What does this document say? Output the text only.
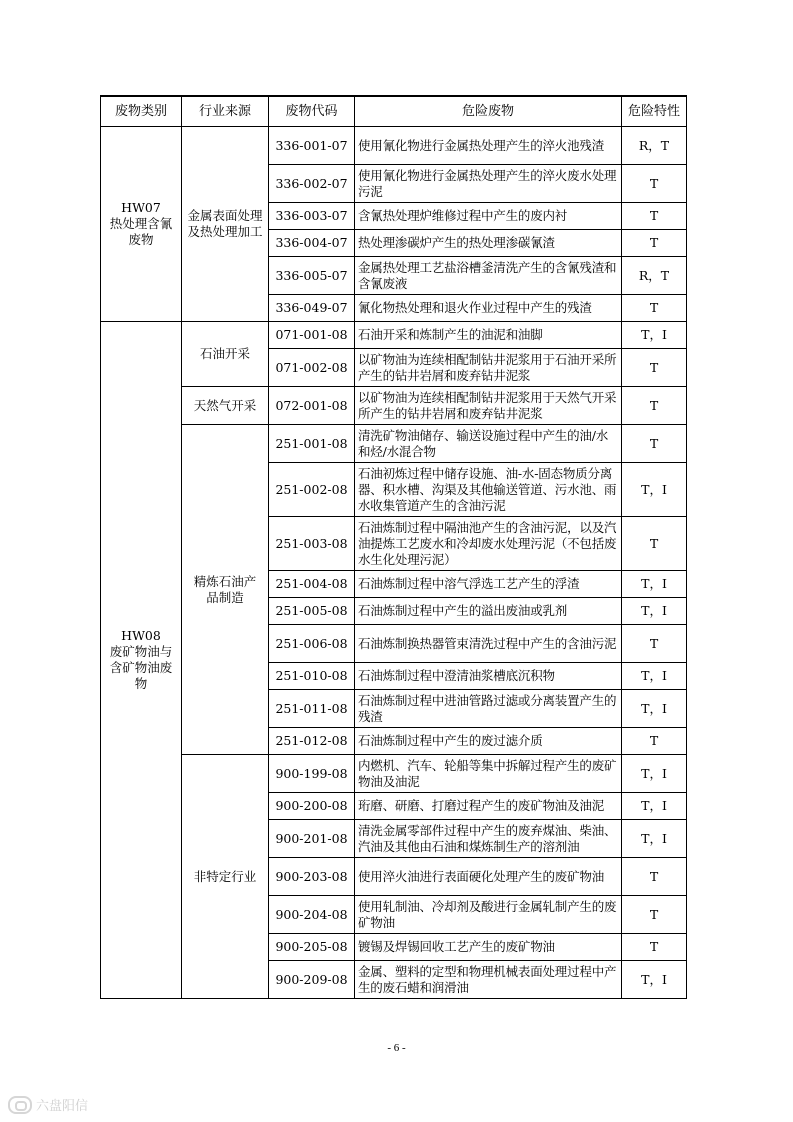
废物类别	行业来源	废物代码	危险废物	危险特性

HW07
热处理含氰废物	金属表面处理及热处理加工	336-001-07	使用氰化物进行金属热处理产生的淬火池残渣	R，T
		336-002-07	使用氰化物进行金属热处理产生的淬火废水处理污泥	T
		336-003-07	含氰热处理炉维修过程中产生的废内衬	T
		336-004-07	热处理渗碳炉产生的热处理渗碳氰渣	T
		336-005-07	金属热处理工艺盐浴槽釜清洗产生的含氰残渣和含氰废液	R，T
		336-049-07	氰化物热处理和退火作业过程中产生的残渣	T

HW08
废矿物油与含矿物油废物	石油开采	071-001-08	石油开采和炼制产生的油泥和油脚	T，I
		071-002-08	以矿物油为连续相配制钻井泥浆用于石油开采所产生的钻井岩屑和废弃钻井泥浆	T
	天然气开采	072-001-08	以矿物油为连续相配制钻井泥浆用于天然气开采所产生的钻井岩屑和废弃钻井泥浆	T
	精炼石油产品制造	251-001-08	清洗矿物油储存、输送设施过程中产生的油/水和烃/水混合物	T
		251-002-08	石油初炼过程中储存设施、油-水-固态物质分离器、积水槽、沟渠及其他输送管道、污水池、雨水收集管道产生的含油污泥	T，I
		251-003-08	石油炼制过程中隔油池产生的含油污泥，以及汽油提炼工艺废水和冷却废水处理污泥（不包括废水生化处理污泥）	T
		251-004-08	石油炼制过程中溶气浮选工艺产生的浮渣	T，I
		251-005-08	石油炼制过程中产生的溢出废油或乳剂	T，I
		251-006-08	石油炼制换热器管束清洗过程中产生的含油污泥	T
		251-010-08	石油炼制过程中澄清油浆槽底沉积物	T，I
		251-011-08	石油炼制过程中进油管路过滤或分离装置产生的残渣	T，I
		251-012-08	石油炼制过程中产生的废过滤介质	T
	非特定行业	900-199-08	内燃机、汽车、轮船等集中拆解过程产生的废矿物油及油泥	T，I
		900-200-08	珩磨、研磨、打磨过程产生的废矿物油及油泥	T，I
		900-201-08	清洗金属零部件过程中产生的废弃煤油、柴油、汽油及其他由石油和煤炼制生产的溶剂油	T，I
		900-203-08	使用淬火油进行表面硬化处理产生的废矿物油	T
		900-204-08	使用轧制油、冷却剂及酸进行金属轧制产生的废矿物油	T
		900-205-08	镀锡及焊锡回收工艺产生的废矿物油	T
		900-209-08	金属、塑料的定型和物理机械表面处理过程中产生的废石蜡和润滑油	T，I
- 6 -
六盘阳信
